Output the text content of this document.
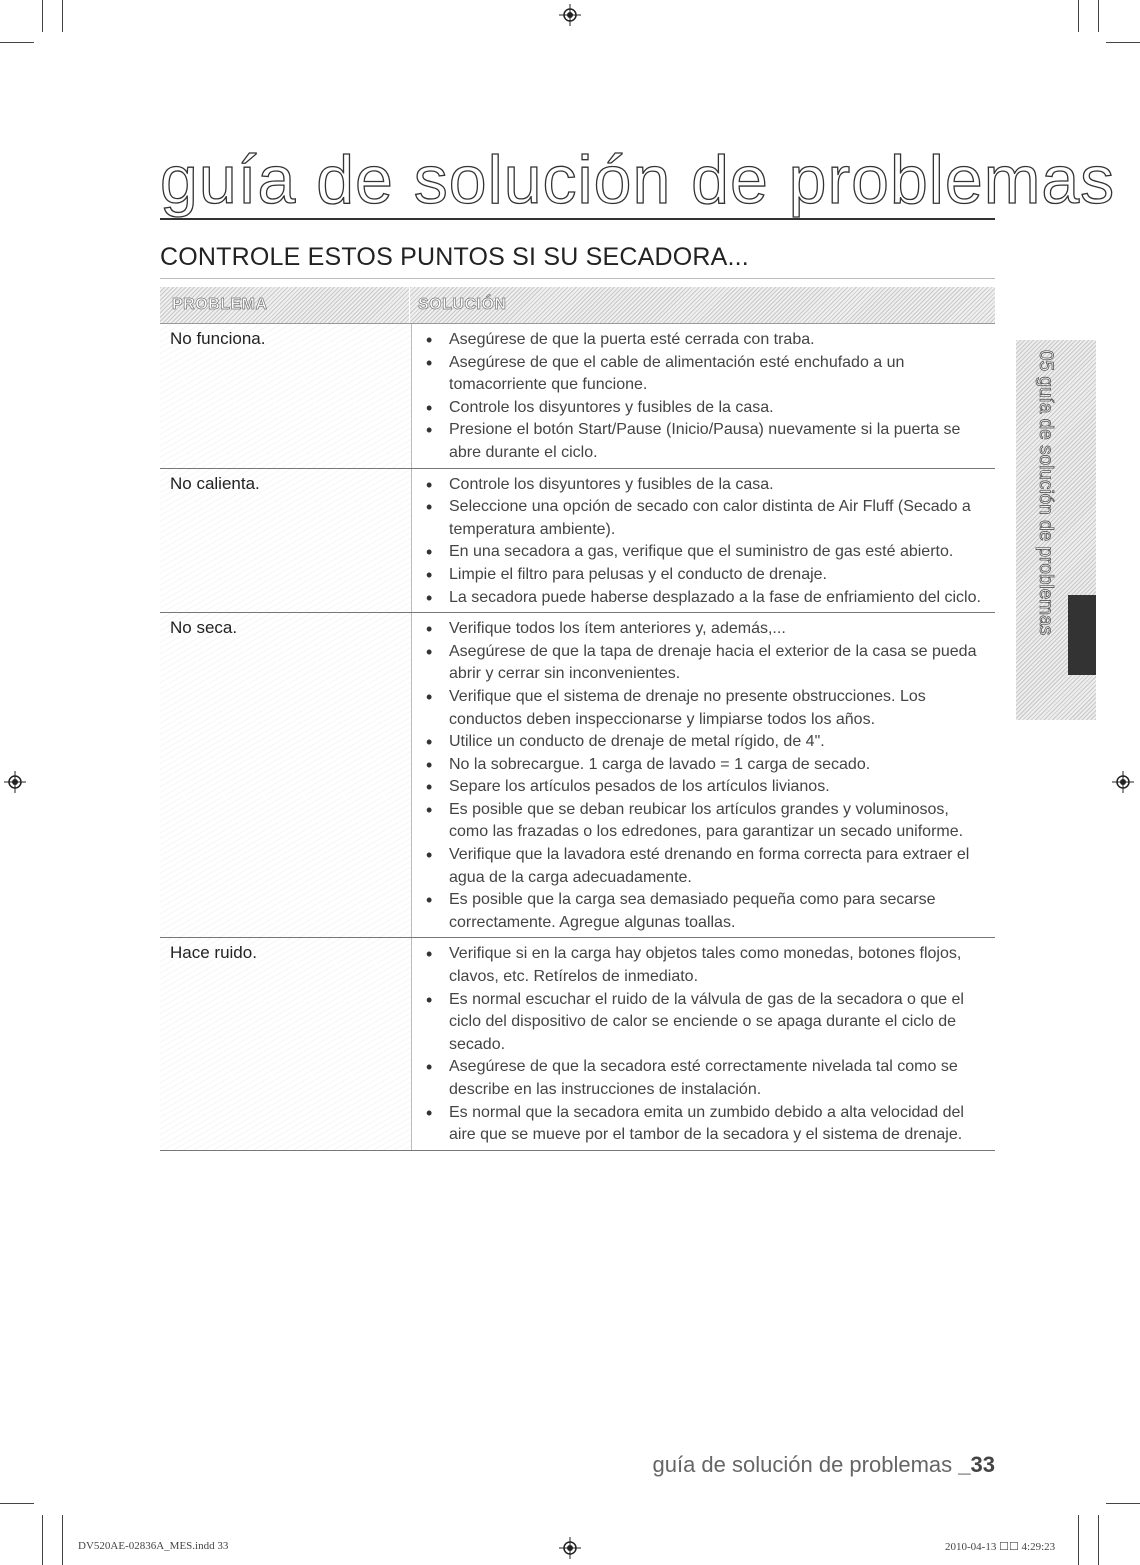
guía de solución de problemas
CONTROLE ESTOS PUNTOS SI SU SECADORA...
PROBLEMA	SOLUCIÓN
No funciona.	• Asegúrese de que la puerta esté cerrada con traba.
• Asegúrese de que el cable de alimentación esté enchufado a un tomacorriente que funcione.
• Controle los disyuntores y fusibles de la casa.
• Presione el botón Start/Pause (Inicio/Pausa) nuevamente si la puerta se abre durante el ciclo.
No calienta.	• Controle los disyuntores y fusibles de la casa.
• Seleccione una opción de secado con calor distinta de Air Fluff (Secado a temperatura ambiente).
• En una secadora a gas, verifique que el suministro de gas esté abierto.
• Limpie el filtro para pelusas y el conducto de drenaje.
• La secadora puede haberse desplazado a la fase de enfriamiento del ciclo.
No seca.	• Verifique todos los ítem anteriores y, además,...
• Asegúrese de que la tapa de drenaje hacia el exterior de la casa se pueda abrir y cerrar sin inconvenientes.
• Verifique que el sistema de drenaje no presente obstrucciones. Los conductos deben inspeccionarse y limpiarse todos los años.
• Utilice un conducto de drenaje de metal rígido, de 4".
• No la sobrecargue. 1 carga de lavado = 1 carga de secado.
• Separe los artículos pesados de los artículos livianos.
• Es posible que se deban reubicar los artículos grandes y voluminosos, como las frazadas o los edredones, para garantizar un secado uniforme.
• Verifique que la lavadora esté drenando en forma correcta para extraer el agua de la carga adecuadamente.
• Es posible que la carga sea demasiado pequeña como para secarse correctamente. Agregue algunas toallas.
Hace ruido.	• Verifique si en la carga hay objetos tales como monedas, botones flojos, clavos, etc. Retírelos de inmediato.
• Es normal escuchar el ruido de la válvula de gas de la secadora o que el ciclo del dispositivo de calor se enciende o se apaga durante el ciclo de secado.
• Asegúrese de que la secadora esté correctamente nivelada tal como se describe en las instrucciones de instalación.
• Es normal que la secadora emita un zumbido debido a alta velocidad del aire que se mueve por el tambor de la secadora y el sistema de drenaje.
05 guía de solución de problemas
guía de solución de problemas _33
DV520AE-02836A_MES.indd 33	2010-04-13 ☐☐ 4:29:23
